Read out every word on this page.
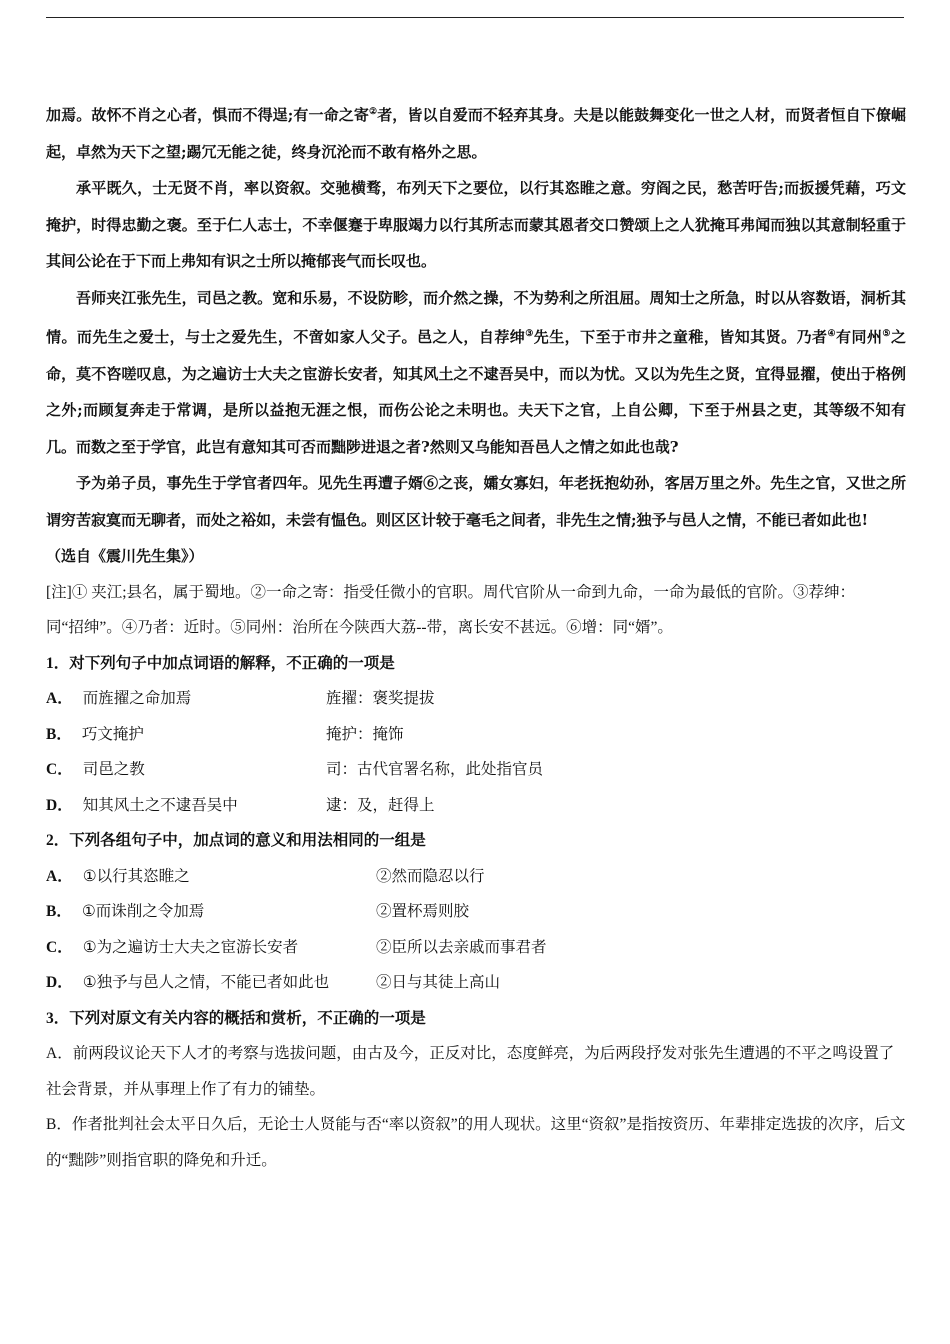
加焉。故怀不肖之心者，惧而不得逞;有一命之寄②者，皆以自爱而不轻弃其身。夫是以能鼓舞变化一世之人材，而贤者恒自下僚崛起，卓然为天下之望;踢冗无能之徒，终身沉沦而不敢有格外之思。

承平既久，士无贤不肖，率以资叙。交驰横骛，布列天下之要位，以行其恣睢之意。穷阎之民，愁苦吁告;而扳援凭藉，巧文掩护，时得忠勤之褒。至于仁人志士，不幸偃蹇于卑服竭力以行其所志而蒙其恩者交口赞颂上之人犹掩耳弗闻而独以其意制轻重于其间公论在于下而上弗知有识之士所以掩郁丧气而长叹也。

吾师夹江张先生，司邑之教。宽和乐易，不设防畛，而介然之操，不为势利之所沮屈。周知士之所急，时以从容数语，洞析其情。而先生之爱士，与士之爱先生，不啻如家人父子。邑之人，自荐绅③先生，下至于市井之童稚，皆知其贤。乃者④有同州⑤之命，莫不咨嗟叹息，为之遍访士大夫之宦游长安者，知其风土之不逮吾吴中，而以为忧。又以为先生之贤，宜得显擢，使出于格例之外;而顾复奔走于常调，是所以益抱无涯之恨，而伤公论之未明也。夫天下之官，上自公卿，下至于州县之吏，其等级不知有几。而数之至于学官，此岂有意知其可否而黜陟进退之者?然则又乌能知吾邑人之情之如此也哉?

予为弟子员，事先生于学官者四年。见先生再遭子婿⑥之丧，孀女寡妇，年老抚抱幼孙，客居万里之外。先生之官，又世之所谓穷苦寂寞而无聊者，而处之裕如，未尝有愠色。则区区计较于毫毛之间者，非先生之情;独予与邑人之情，不能已者如此也!

（选自《震川先生集》）

[注]① 夹江;县名，属于蜀地。②一命之寄：指受任微小的官职。周代官阶从一命到九命，一命为最低的官阶。③荐绅：

同“招绅”。④乃者：近时。⑤同州：治所在今陕西大荔--带，离长安不甚远。⑥增：同“婿”。

1．对下列句子中加点词语的解释，不正确的一项是

A． 而旌擢之命加焉	旌擢：褒奖提拔
B． 巧文掩护	掩护：掩饰
C． 司邑之教	司：古代官署名称，此处指官员
D． 知其风土之不逮吾吴中	逮：及，赶得上

2．下列各组句子中，加点词的意义和用法相同的一组是

A． ①以行其恣睢之	②然而隐忍以行
B． ①而诛削之令加焉	②置杯焉则胶
C． ①为之遍访士大夫之宦游长安者	②臣所以去亲戚而事君者
D． ①独予与邑人之情，不能已者如此也	②日与其徒上高山

3．下列对原文有关内容的概括和赏析，不正确的一项是

A．前两段议论天下人才的考察与选拔问题，由古及今，正反对比，态度鲜亮，为后两段抒发对张先生遭遇的不平之鸣设置了社会背景，并从事理上作了有力的铺垫。

B．作者批判社会太平日久后，无论士人贤能与否“率以资叙”的用人现状。这里“资叙”是指按资历、年辈排定选拔的次序，后文的“黜陟”则指官职的降免和升迁。
